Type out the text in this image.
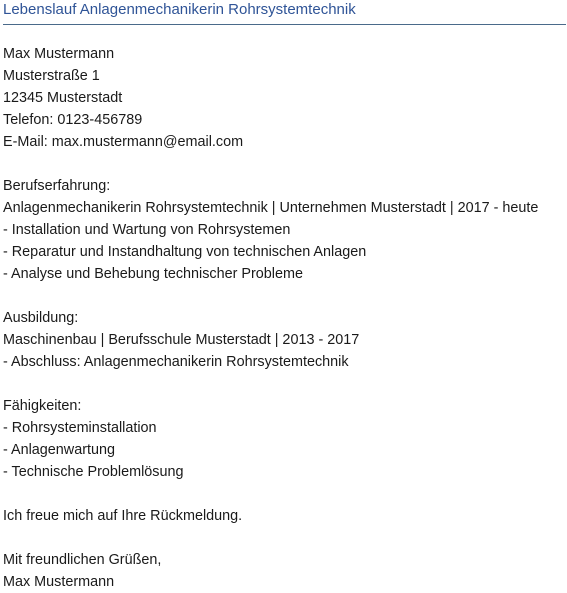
Lebenslauf Anlagenmechanikerin Rohrsystemtechnik
Max Mustermann
Musterstraße 1
12345 Musterstadt
Telefon: 0123-456789
E-Mail: max.mustermann@email.com
Berufserfahrung:
Anlagenmechanikerin Rohrsystemtechnik | Unternehmen Musterstadt | 2017 - heute
- Installation und Wartung von Rohrsystemen
- Reparatur und Instandhaltung von technischen Anlagen
- Analyse und Behebung technischer Probleme
Ausbildung:
Maschinenbau | Berufsschule Musterstadt | 2013 - 2017
- Abschluss: Anlagenmechanikerin Rohrsystemtechnik
Fähigkeiten:
- Rohrsysteminstallation
- Anlagenwartung
- Technische Problemlösung
Ich freue mich auf Ihre Rückmeldung.
Mit freundlichen Grüßen,
Max Mustermann
